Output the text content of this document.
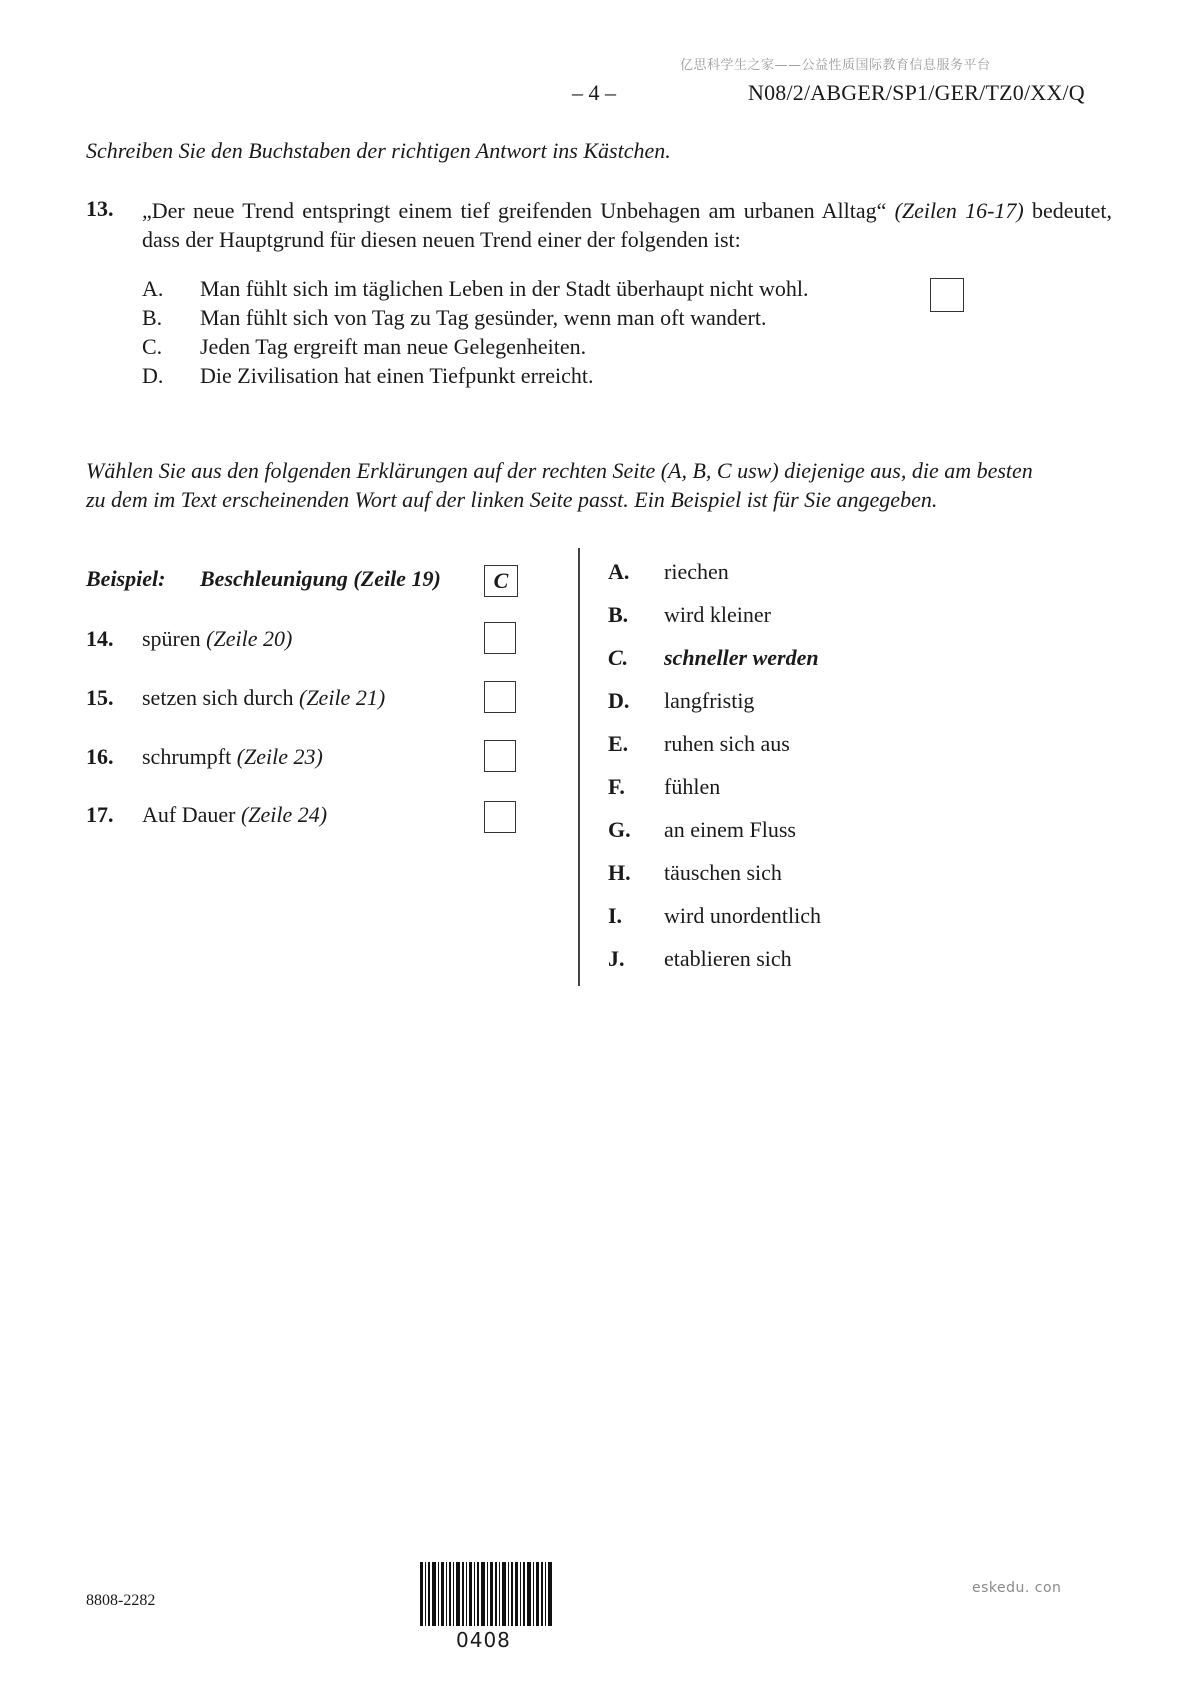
亿思科学生之家——公益性质国际教育信息服务平台
– 4 –	N08/2/ABGER/SP1/GER/TZ0/XX/Q
Schreiben Sie den Buchstaben der richtigen Antwort ins Kästchen.
13. „Der neue Trend entspringt einem tief greifenden Unbehagen am urbanen Alltag“ (Zeilen 16-17) bedeutet, dass der Hauptgrund für diesen neuen Trend einer der folgenden ist:
A. Man fühlt sich im täglichen Leben in der Stadt überhaupt nicht wohl.
B. Man fühlt sich von Tag zu Tag gesünder, wenn man oft wandert.
C. Jeden Tag ergreift man neue Gelegenheiten.
D. Die Zivilisation hat einen Tiefpunkt erreicht.
Wählen Sie aus den folgenden Erklärungen auf der rechten Seite (A, B, C usw) diejenige aus, die am besten
zu dem im Text erscheinenden Wort auf der linken Seite passt. Ein Beispiel ist für Sie angegeben.
Beispiel: Beschleunigung (Zeile 19)	C
14. spüren (Zeile 20)
15. setzen sich durch (Zeile 21)
16. schrumpft (Zeile 23)
17. Auf Dauer (Zeile 24)
A. riechen
B. wird kleiner
C. schneller werden
D. langfristig
E. ruhen sich aus
F. fühlen
G. an einem Fluss
H. täuschen sich
I. wird unordentlich
J. etablieren sich
8808-2282
0408
eskedu. con
